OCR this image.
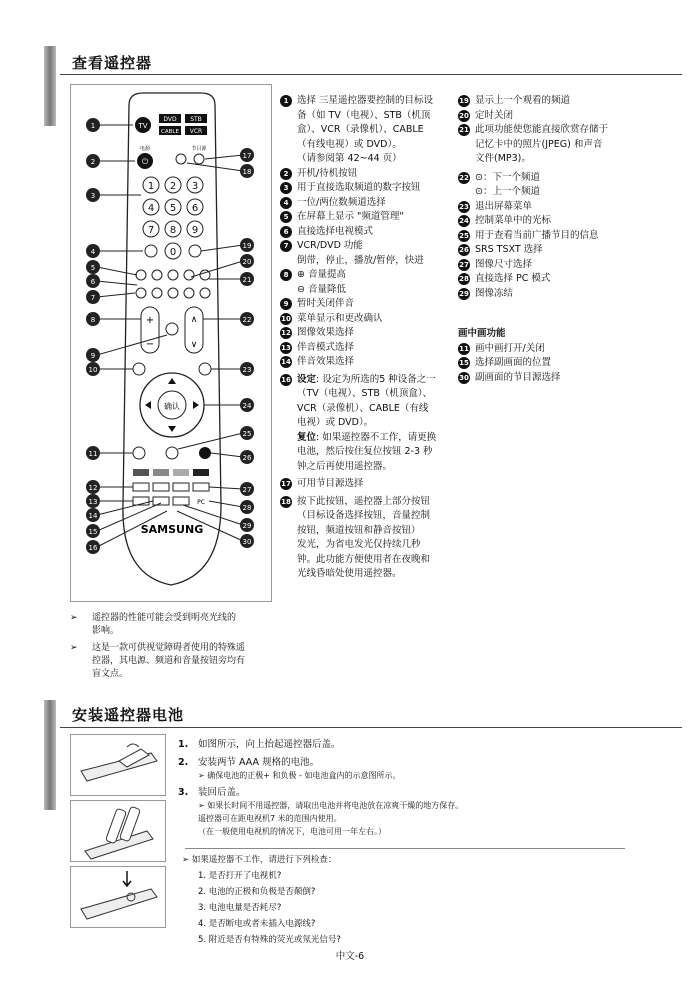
查看遥控器
TV
DVD STB
CABLE VCR
电源
⏻
节目源
1 2 3
4 5 6
7 8 9
0
+
−
∧
∨
确认
PC
SAMSUNG
1
2
3
4
5
6
7
8
9
10
11
12
13
14
15
16
17
18
19
20
21
22
23
24
25
26
27
28
29
30
1 选择 三星遥控器要控制的目标设
备（如 TV（电视）、STB（机顶
盒）、VCR（录像机）、CABLE
（有线电视）或 DVD）。
（请参阅第 42~44 页）
2 开机/待机按钮
3 用于直接选取频道的数字按钮
4 一位/两位数频道选择
5 在屏幕上显示 "频道管理"
6 直接选择电视模式
7 VCR/DVD 功能
倒带，停止，播放/暂停，快进
8 ⊕ 音量提高
⊖ 音量降低
9 暂时关闭伴音
10 菜单显示和更改确认
12 图像效果选择
13 伴音模式选择
14 伴音效果选择
16 设定: 设定为所选的5 种设备之一
（TV（电视）、STB（机顶盒）、
VCR（录像机）、CABLE（有线
电视）或 DVD）。
复位: 如果遥控器不工作，请更换
电池，然后按住复位按钮 2-3 秒
钟之后再使用遥控器。
17 可用节目源选择
18 按下此按钮，遥控器上部分按钮
（目标设备选择按钮，音量控制
按钮，频道按钮和静音按钮）
发光，为省电发光仅持续几秒
钟。此功能方便使用者在夜晚和
光线昏暗处使用遥控器。
19 显示上一个观看的频道
20 定时关闭
21 此项功能使您能直接欣赏存储于
记忆卡中的照片(JPEG) 和声音
文件(MP3)。
22 ⊙：下一个频道
⊙：上一个频道
23 退出屏幕菜单
24 控制菜单中的光标
25 用于查看当前广播节目的信息
26 SRS TSXT 选择
27 图像尺寸选择
28 直接选择 PC 模式
29 图像冻结
画中画功能
11 画中画打开/关闭
15 选择副画面的位置
30 副画面的节目源选择
➢	遥控器的性能可能会受到明亮光线的
影响。
➢	这是一款可供视觉障碍者使用的特殊遥
控器，其电源、频道和音量按钮旁均有
盲文点。
安装遥控器电池
1.	如图所示，向上抬起遥控器后盖。
2.	安装两节 AAA 规格的电池。
➢ 确保电池的正极+ 和负极 - 如电池盒内的示意图所示。
3.	装回后盖。
➢ 如果长时间不用遥控器，请取出电池并将电池放在凉爽干燥的地方保存。
遥控器可在距电视机7 米的范围内使用。
（在一般使用电视机的情况下，电池可用一年左右。）
➢ 如果遥控器不工作，请进行下列检查：
1. 是否打开了电视机?
2. 电池的正极和负极是否颠倒?
3. 电池电量是否耗尽?
4. 是否断电或者未插入电源线?
5. 附近是否有特殊的荧光或氖光信号?
中文-6
